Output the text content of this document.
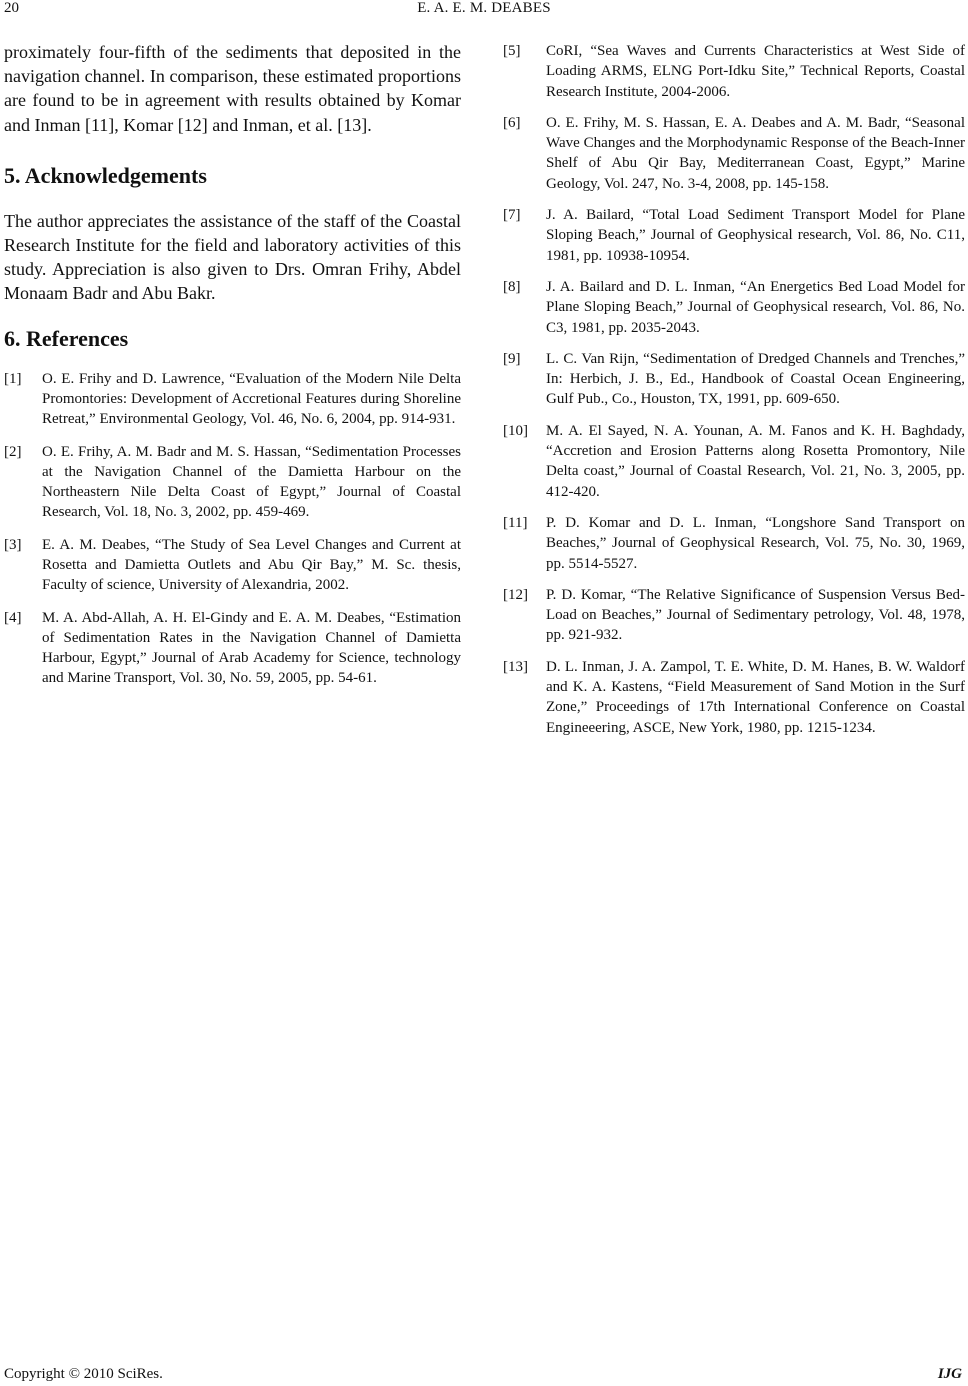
20	E. A. E. M. DEABES

proximately four-fifth of the sediments that deposited in the navigation channel. In comparison, these estimated proportions are found to be in agreement with results obtained by Komar and Inman [11], Komar [12] and Inman, et al. [13].

5. Acknowledgements

The author appreciates the assistance of the staff of the Coastal Research Institute for the field and laboratory activities of this study. Appreciation is also given to Drs. Omran Frihy, Abdel Monaam Badr and Abu Bakr.

6. References
[1] O. E. Frihy and D. Lawrence, “Evaluation of the Modern Nile Delta Promontories: Development of Accretional Features during Shoreline Retreat,” Environmental Geology, Vol. 46, No. 6, 2004, pp. 914-931.
[2] O. E. Frihy, A. M. Badr and M. S. Hassan, “Sedimentation Processes at the Navigation Channel of the Damietta Harbour on the Northeastern Nile Delta Coast of Egypt,” Journal of Coastal Research, Vol. 18, No. 3, 2002, pp. 459-469.
[3] E. A. M. Deabes, “The Study of Sea Level Changes and Current at Rosetta and Damietta Outlets and Abu Qir Bay,” M. Sc. thesis, Faculty of science, University of Alexandria, 2002.
[4] M. A. Abd-Allah, A. H. El-Gindy and E. A. M. Deabes, “Estimation of Sedimentation Rates in the Navigation Channel of Damietta Harbour, Egypt,” Journal of Arab Academy for Science, technology and Marine Transport, Vol. 30, No. 59, 2005, pp. 54-61.
[5] CoRI, “Sea Waves and Currents Characteristics at West Side of Loading ARMS, ELNG Port-Idku Site,” Technical Reports, Coastal Research Institute, 2004-2006.
[6] O. E. Frihy, M. S. Hassan, E. A. Deabes and A. M. Badr, “Seasonal Wave Changes and the Morphodynamic Response of the Beach-Inner Shelf of Abu Qir Bay, Mediterranean Coast, Egypt,” Marine Geology, Vol. 247, No. 3-4, 2008, pp. 145-158.
[7] J. A. Bailard, “Total Load Sediment Transport Model for Plane Sloping Beach,” Journal of Geophysical research, Vol. 86, No. C11, 1981, pp. 10938-10954.
[8] J. A. Bailard and D. L. Inman, “An Energetics Bed Load Model for Plane Sloping Beach,” Journal of Geophysical research, Vol. 86, No. C3, 1981, pp. 2035-2043.
[9] L. C. Van Rijn, “Sedimentation of Dredged Channels and Trenches,” In: Herbich, J. B., Ed., Handbook of Coastal Ocean Engineering, Gulf Pub., Co., Houston, TX, 1991, pp. 609-650.
[10] M. A. El Sayed, N. A. Younan, A. M. Fanos and K. H. Baghdady, “Accretion and Erosion Patterns along Rosetta Promontory, Nile Delta coast,” Journal of Coastal Research, Vol. 21, No. 3, 2005, pp. 412-420.
[11] P. D. Komar and D. L. Inman, “Longshore Sand Transport on Beaches,” Journal of Geophysical Research, Vol. 75, No. 30, 1969, pp. 5514-5527.
[12] P. D. Komar, “The Relative Significance of Suspension Versus Bed-Load on Beaches,” Journal of Sedimentary petrology, Vol. 48, 1978, pp. 921-932.
[13] D. L. Inman, J. A. Zampol, T. E. White, D. M. Hanes, B. W. Waldorf and K. A. Kastens, “Field Measurement of Sand Motion in the Surf Zone,” Proceedings of 17th International Conference on Coastal Engineeering, ASCE, New York, 1980, pp. 1215-1234.
Copyright © 2010 SciRes.	IJG
